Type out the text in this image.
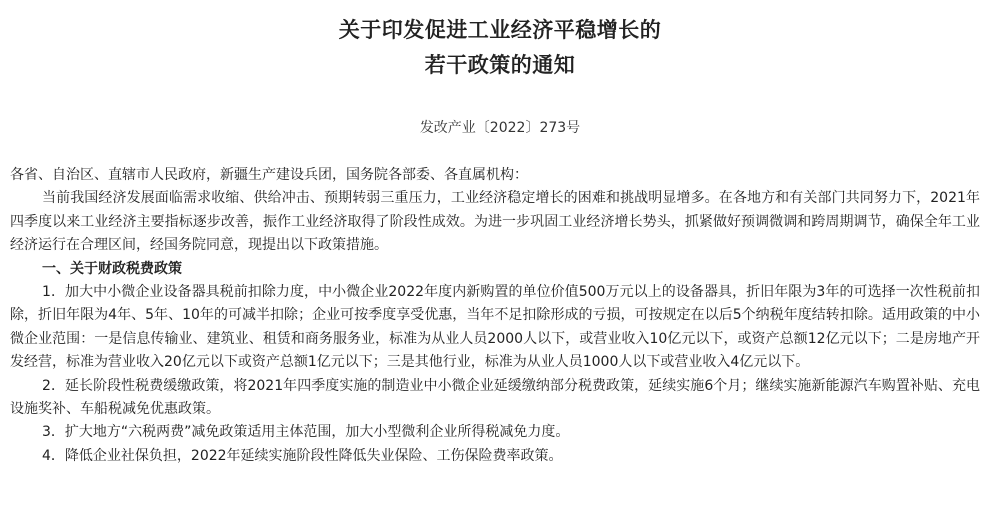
关于印发促进工业经济平稳增长的
若干政策的通知
发改产业〔2022〕273号

各省、自治区、直辖市人民政府，新疆生产建设兵团，国务院各部委、各直属机构：

当前我国经济发展面临需求收缩、供给冲击、预期转弱三重压力，工业经济稳定增长的困难和挑战明显增多。在各地方和有关部门共同努力下，2021年四季度以来工业经济主要指标逐步改善，振作工业经济取得了阶段性成效。为进一步巩固工业经济增长势头，抓紧做好预调微调和跨周期调节，确保全年工业经济运行在合理区间，经国务院同意，现提出以下政策措施。

一、关于财政税费政策

1．加大中小微企业设备器具税前扣除力度，中小微企业2022年度内新购置的单位价值500万元以上的设备器具，折旧年限为3年的可选择一次性税前扣除，折旧年限为4年、5年、10年的可减半扣除；企业可按季度享受优惠，当年不足扣除形成的亏损，可按规定在以后5个纳税年度结转扣除。适用政策的中小微企业范围：一是信息传输业、建筑业、租赁和商务服务业，标准为从业人员2000人以下，或营业收入10亿元以下，或资产总额12亿元以下；二是房地产开发经营，标准为营业收入20亿元以下或资产总额1亿元以下；三是其他行业，标准为从业人员1000人以下或营业收入4亿元以下。

2．延长阶段性税费缓缴政策，将2021年四季度实施的制造业中小微企业延缓缴纳部分税费政策，延续实施6个月；继续实施新能源汽车购置补贴、充电设施奖补、车船税减免优惠政策。

3．扩大地方“六税两费”减免政策适用主体范围，加大小型微利企业所得税减免力度。

4．降低企业社保负担，2022年延续实施阶段性降低失业保险、工伤保险费率政策。
